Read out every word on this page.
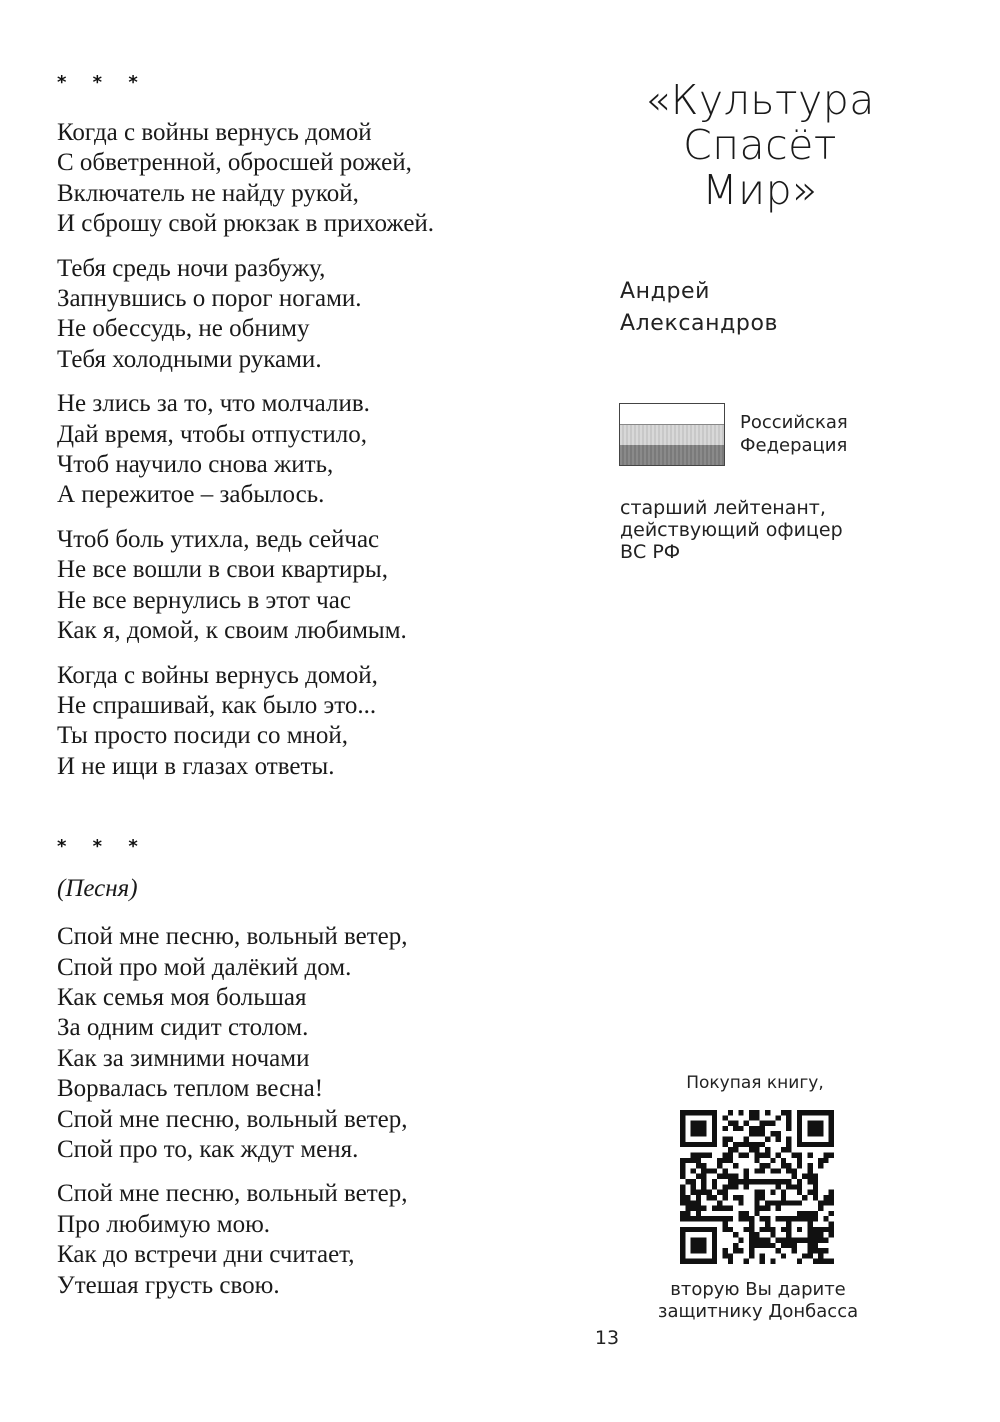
* * *
Когда с войны вернусь домой
С обветренной, обросшей рожей,
Включатель не найду рукой,
И сброшу свой рюкзак в прихожей.
Тебя средь ночи разбужу,
Запнувшись о порог ногами.
Не обессудь, не обниму
Тебя холодными руками.
Не злись за то, что молчалив.
Дай время, чтобы отпустило,
Чтоб научило снова жить,
А пережитое – забылось.
Чтоб боль утихла, ведь сейчас
Не все вошли в свои квартиры,
Не все вернулись в этот час
Как я, домой, к своим любимым.
Когда с войны вернусь домой,
Не спрашивай, как было это...
Ты просто посиди со мной,
И не ищи в глазах ответы.
* * *
(Песня)
Спой мне песню, вольный ветер,
Спой про мой далёкий дом.
Как семья моя большая
За одним сидит столом.
Как за зимними ночами
Ворвалась теплом весна!
Спой мне песню, вольный ветер,
Спой про то, как ждут меня.
Спой мне песню, вольный ветер,
Про любимую мою.
Как до встречи дни считает,
Утешая грусть свою.
«Культура
Спасёт
Мир»
Андрей
Александров
Российская
Федерация
старший лейтенант,
действующий офицер
ВС РФ
Покупая книгу,
вторую Вы дарите
защитнику Донбасса
13
